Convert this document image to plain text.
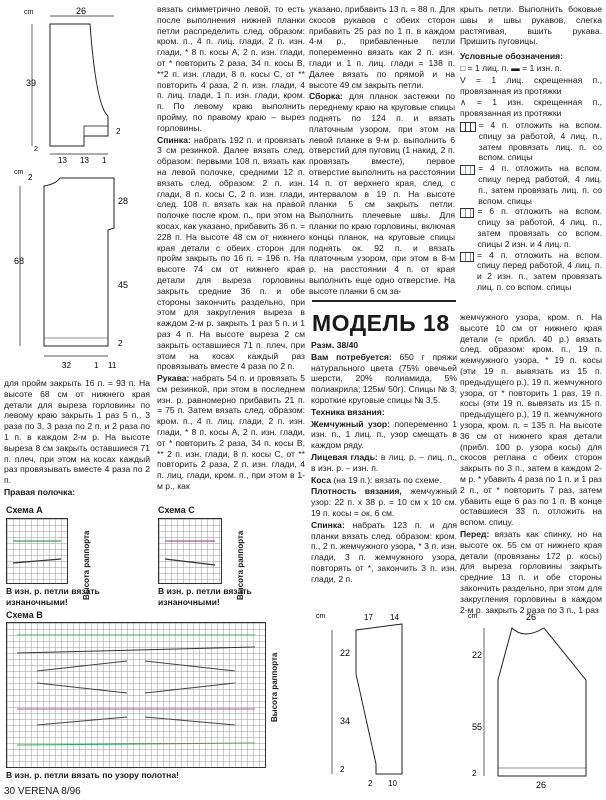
cm	26
39
2
2
13 13 1
cm
2
68
28
45
2
32	1 11

для пройм закрыть 16 п. = 93 п. На высоте 68 см от нижнего края детали для выреза горловины по левому краю закрыть 1 раз 5 п., 3 раза по 3, 3 раза по 2 п. и 2 раза по 1 п. в каждом 2-м р. На высоте выреза 8 см закрыть оставшиеся 71 п. плеч, при этом на косах каждый раз провязывать вместе 4 раза по 2 п.

Правая полочка:

вязать симметрично левой, то есть после выполнения нижней планки петли распределить след. образом: кром. п., 4 п. лиц. глади, 2 п. изн. глади, * 8 п. косы А, 2 п. изн. глади, от * повторить 2 раза, 34 п. косы В, **2 п. изн. глади, 8 п. косы С, от ** повторить 4 раза, 2 п. изн. глади, 4 п. лиц. глади, 1 п. изн. глади, кром. п. По левому краю выполнить пройму, по правому краю – вырез горловины.

Спинка: набрать 192 п. и провязать 3 см резинкой. Далее вязать след. образом: первыми 108 п. вязать как на левой полочке, средними 12 п. вязать след. образом: 2 п. изн. глади, 8 п. косы С, 2 п. изн. глади, след. 108 п. вязать как на правой полочке после кром. п., при этом на косах, как указано, прибавить 36 п. = 228 п. На высоте 48 см от нижнего края детали с обеих сторон для пройм закрыть по 16 п. = 196 п. На высоте 74 см от нижнего края детали для выреза горловины закрыть средние 36 п. и обе стороны закончить раздельно, при этом для закругления выреза в каждом 2-м р. закрыть 1 раз 5 п. и 1 раз 4 п. На высоте выреза 2 см закрыть оставшиеся 71 п. плеч, при этом на косах каждый раз провязывать вместе 4 раза по 2 п.

Рукава: набрать 54 п. и провязать 5 см резинкой, при этом в последнем изн. р. равномерно прибавить 21 п. = 75 п. Затем вязать след. образом: кром. п., 4 п. лиц. глади, 2 п. изн. глади, * 8 п. косы А, 2 п. изн. глади, от * повторить 2 раза, 34 п. косы В, ** 2 п. изн. глади, 8 п. косы С, от ** повторить 2 раза, 2 п. изн. глади, 4 п. лиц. глади, кром. п., при этом в 1-м р., как

указано, прибавить 13 п. = 88 п. Для скосов рукавов с обеих сторон прибавить 25 раз по 1 п. в каждом 4-м р., прибавленные петли попеременно вязать как 2 п. изн. глади и 1 п. лиц. глади = 138 п. Далее вязать по прямой и на высоте 49 см закрыть петли.

Сборка: для планок застежки по переднему краю на круговые спицы поднять по 124 п. и вязать платочным узором, при этом на левой планке в 9-м р. выполнить 6 отверстий для пуговиц (1 накид, 2 п. провязать вместе), первое отверстие выполнить на расстоянии 14 п. от верхнего края, след. с интервалом в 19 п. На высоте планки 5 см закрыть петли. Выполнить плечевые швы. Для планки по краю горловины, включая концы планок, на круговые спицы поднять ок. 92 п. и вязать платочным узором, при этом в 8-м р. на расстоянии 4 п. от края выполнить еще одно отверстие. На высоте планки 6 см за-

крыть петли. Выполнить боковые швы и швы рукавов, слегка растягивая, вшить рукава. Пришить пуговицы.

Условные обозначения:

□ = 1 лиц. п. ▬ = 1 изн. п.

V = 1 лиц. скрещенная п., провязанная из протяжки

∧ = 1 изн. скрещенная п., провязанная из протяжки

= 4 п. отложить на вспом. спицу за работой, 4 лиц. п., затем провязать лиц. п. со вспом. спицы
= 4 п. отложить на вспом. спицу перед работой, 4 лиц. п., затем провязать лиц. п. со вспом. спицы
= 6 п. отложить на вспом. спицу за работой, 4 лиц. п., затем провязать со вспом. спицы 2 изн. и 4 лиц. п.
= 4 п. отложить на вспом. спицу перед работой, 4 лиц. п. и 2 изн. п., затем провязать лиц. п. со вспом. спицы
МОДЕЛЬ 18

Разм. 38/40

Вам потребуется: 650 г пряжи натурального цвета (75% овечьей шерсти, 20% полиамида, 5% полиакрила; 125м/ 50г). Спицы № 3; короткие круговые спицы № 3,5.

Техника вязания:

Жемчужный узор: попеременно 1 изн. п., 1 лиц. п., узор смещать в каждом ряду.

Лицевая гладь: в лиц. р. – лиц. п., в изн. р. – изн. п.

Коса (на 19 п.): вязать по схеме.

Плотность вязания, жемчужный узор: 22 п. х 38 р. = 10 см х 10 см. 19 п. косы = ок. 6 см.

Спинка: набрать 123 п. и для планки вязать след. образом: кром. п., 2 п. жемчужного узора, * 3 п. изн. глади, 3 п. жемчужного узора, повторять от *, закончить 3 п. изн. глади, 2 п.

жемчужного узора, кром. п. На высоте 10 см от нижнего края детали (= прибл. 40 р.) вязать след. образом: кром. п., 19 п. жемчужного узора, * 19 п. косы (эти 19 п. вывязать из 15 п. предыдущего р.), 19 п. жемчужного узора, от * повторить 1 раз, 19 п. косы (эти 19 п. вывязать из 15 п. предыдущего р.), 19 п. жемчужного узора, кром. п. = 135 п. На высоте 36 см от нижнего края детали (прибл. 100 р. узора косы) для скосов реглана с обеих сторон закрыть по 3 п., затем в каждом 2-м р. * убавить 4 раза по 1 п. и 1 раз 2 п., от * повторить 7 раз, затем убавить еще 6 раз по 1 п. В конце оставшиеся 33 п. отложить на вспом. спицу.

Перед: вязать как спинку, но на высоте ок. 55 см от нижнего края детали (провязаны 172 р. косы) для выреза горловины закрыть средние 13 п. и обе стороны закончить раздельно, при этом для закругления горловины в каждом 2-м р. закрыть 2 раза по 3 п., 1 раз

Схема A
Высота раппорта
В изн. р. петли вязать изнаночными!
Схема C
Высота раппорта
В изн. р. петли вязать изнаночными!
Схема B
Высота раппорта
В изн. р. петли вязать по узору полотна!
cm	17 14
22
34
2
2 10
cm	26
22
55
2
26
30 VERENA 8/96
